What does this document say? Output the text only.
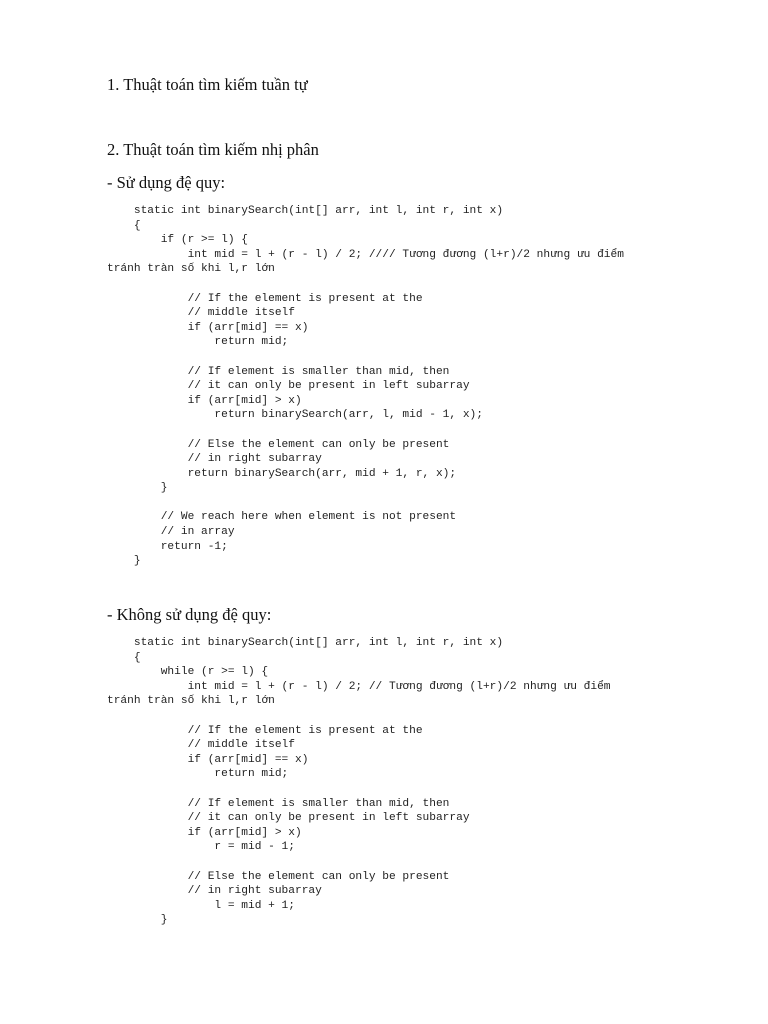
1. Thuật toán tìm kiếm tuần tự
2. Thuật toán tìm kiếm nhị phân
- Sử dụng đệ quy:
static int binarySearch(int[] arr, int l, int r, int x)
{
if (r >= l) {
int mid = l + (r - l) / 2; //// Tương đương (l+r)/2 nhưng ưu điểm
tránh tràn số khi l,r lớn
// If the element is present at the
// middle itself
if (arr[mid] == x)
return mid;
// If element is smaller than mid, then
// it can only be present in left subarray
if (arr[mid] > x)
return binarySearch(arr, l, mid - 1, x);
// Else the element can only be present
// in right subarray
return binarySearch(arr, mid + 1, r, x);
}
// We reach here when element is not present
// in array
return -1;
}
- Không sử dụng đệ quy:
static int binarySearch(int[] arr, int l, int r, int x)
{
while (r >= l) {
int mid = l + (r - l) / 2; // Tương đương (l+r)/2 nhưng ưu điểm
tránh tràn số khi l,r lớn
// If the element is present at the
// middle itself
if (arr[mid] == x)
return mid;
// If element is smaller than mid, then
// it can only be present in left subarray
if (arr[mid] > x)
r = mid - 1;
// Else the element can only be present
// in right subarray
l = mid + 1;
}
